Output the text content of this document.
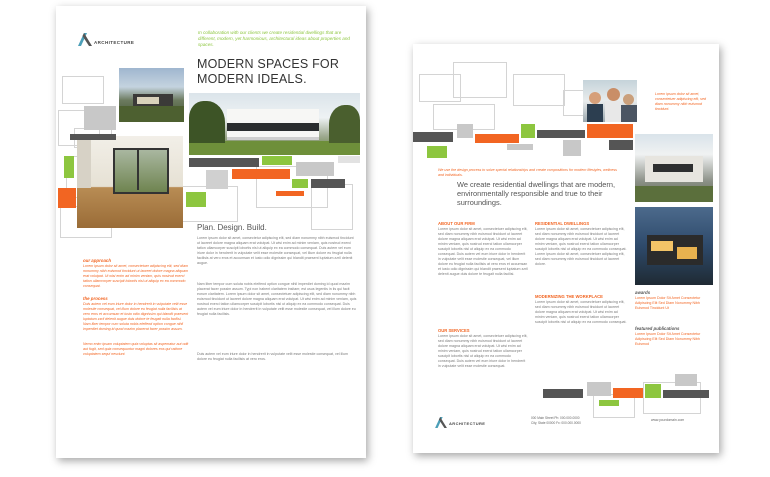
ARCHITECTURE
In collaboration with our clients we create residential dwellings that are different, modern, yet harmonious, architectural ideas about properties and spaces.
MODERN SPACES FOR
MODERN IDEALS.
Plan. Design. Build.
Lorem ipsum dolor sit amet, consectetur adipiscing elit, sed diam nonummy nibh euismod tincidunt ut laoreet dolore magna aliquam erat volutpat. Ut wisi enim ad minim veniam, quis nostrud exerci tation ullamcorper suscipit lobortis nisl ut aliquip ex ea commodo consequat. Duis autem vel eum iriure dolor in hendrerit in vulputate velit esse molestie consequat, vel illum dolore eu feugiat nulla facilisis at vero eros et accumsan et iusto odio dignissim qui blandit praesent luptatum zzril delenit augue.
Nam liber tempor cum soluta nobis eleifend option congue nihil imperdiet doming id quod mazim placerat facer possim assum. Typi non habent claritatem insitam; est usus legentis in iis qui facit eorum claritatem. Lorem ipsum dolor sit amet, consectetuer adipiscing elit, sed diam nonummy nibh euismod tincidunt ut laoreet dolore magna aliquam erat volutpat. Ut wisi enim ad minim veniam, quis nostrud exerci tation ullamcorper suscipit lobortis nisl ut aliquip ex ea commodo consequat. Duis autem vel eum iriure dolor in hendrerit in vulputate velit esse molestie consequat, vel illum dolore eu feugiat nulla facilisis.
Duis autem vel eum iriure dolor in hendrerit in vulputate velit esse molestie consequat, vel illum dolore eu feugiat nulla facilisis at vero eros.
our approach
Lorem ipsum dolor sit amet, consectetuer adipiscing elit, sed diam nonummy nibh euismod tincidunt ut laoreet dolore magna aliquam erat volutpat. Ut wisi enim ad minim veniam, quis nostrud exerci tation ullamcorper suscipit lobortis nisl ut aliquip ex ea commodo consequat.
the process
Duis autem vel eum iriure dolor in hendrerit in vulputate velit esse molestie consequat, vel illum dolore eu feugiat nulla facilisis at vero eros et accumsan et iusto odio dignissim qui blandit praesent luptatum zzril delenit augue duis dolore te feugait nulla facilisi. Nam liber tempor cum soluta nobis eleifend option congue nihil imperdiet doming id quod mazim placerat facer possim assum.
Nemo enim ipsam voluptatem quia voluptas sit aspernatur aut odit aut fugit, sed quia consequuntur magni dolores eos qui ratione voluptatem sequi nesciunt.
Lorem ipsum dolor sit amet, consectetuer adipiscing elit, sed diam nonummy nibh euismod tincidunt.
awards
Lorem Ipsum Dolor Sit Amet Consectetur Adipiscing Elit Sed Diam Nonummy Nibh Euismod Tincidunt Ut
featured publications
Lorem Ipsum Dolor Sit Amet Consectetur Adipiscing Elit Sed Diam Nonummy Nibh Euismod
We use the design process to solve special relationships and create compositions for modern lifestyles, wellness and individuals.
We create residential dwellings that are modern, environmentally responsible and true to their surroundings.
ABOUT OUR FIRM
Lorem ipsum dolor sit amet, consectetuer adipiscing elit, sed diam nonummy nibh euismod tincidunt ut laoreet dolore magna aliquam erat volutpat. Ut wisi enim ad minim veniam, quis nostrud exerci tation ullamcorper suscipit lobortis nisl ut aliquip ex ea commodo consequat. Duis autem vel eum iriure dolor in hendrerit in vulputate velit esse molestie consequat, vel illum dolore eu feugiat nulla facilisis at vero eros et accumsan et iusto odio dignissim qui blandit praesent luptatum zzril delenit augue duis dolore te feugait nulla facilisi.
OUR SERVICES
Lorem ipsum dolor sit amet, consectetuer adipiscing elit, sed diam nonummy nibh euismod tincidunt ut laoreet dolore magna aliquam erat volutpat. Ut wisi enim ad minim veniam, quis nostrud exerci tation ullamcorper suscipit lobortis nisl ut aliquip ex ea commodo consequat. Duis autem vel eum iriure dolor in hendrerit in vulputate velit esse molestie consequat.
RESIDENTIAL DWELLINGS
Lorem ipsum dolor sit amet, consectetuer adipiscing elit, sed diam nonummy nibh euismod tincidunt ut laoreet dolore magna aliquam erat volutpat. Ut wisi enim ad minim veniam, quis nostrud exerci tation ullamcorper suscipit lobortis nisl ut aliquip ex ea commodo consequat. Lorem ipsum dolor sit amet, consectetuer adipiscing elit, sed diam nonummy nibh euismod tincidunt ut laoreet dolore.
MODERNIZING THE WORKPLACE
Lorem ipsum dolor sit amet, consectetuer adipiscing elit, sed diam nonummy nibh euismod tincidunt ut laoreet dolore magna aliquam erat volutpat. Ut wisi enim ad minim veniam, quis nostrud exerci tation ullamcorper suscipit lobortis nisl ut aliquip ex ea commodo consequat.
ARCHITECTURE
000 Main Street Ph: 000.000.0000
City, State 00000 Fx: 000.000.0000
www.yourdomain.com
